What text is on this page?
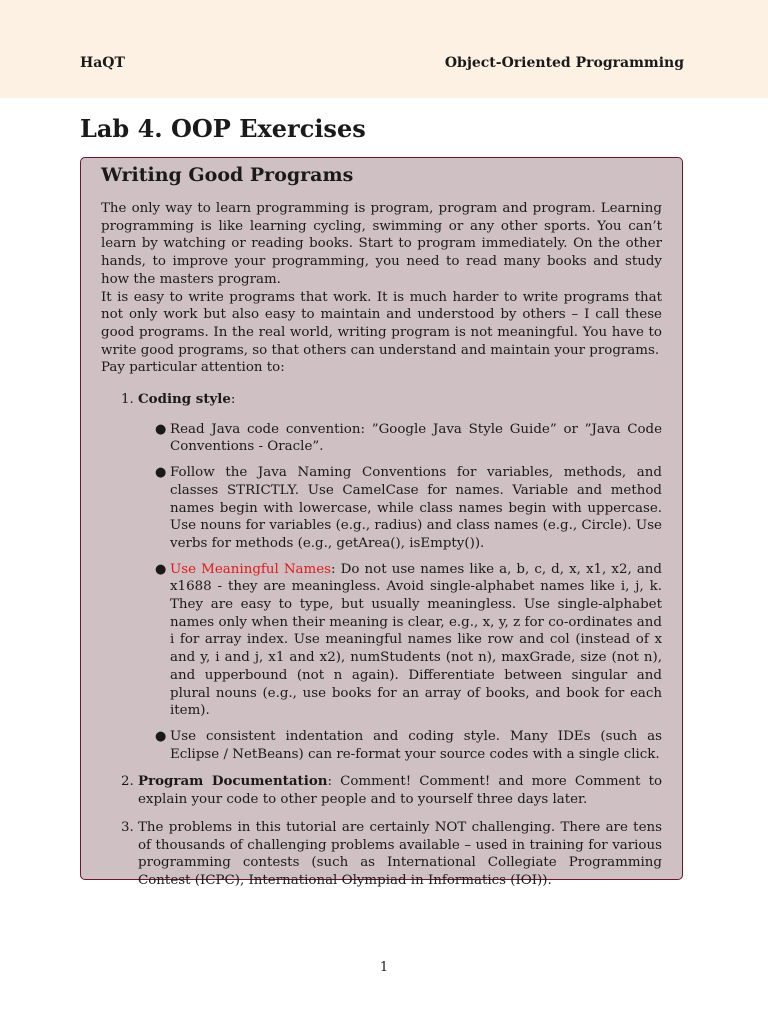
HaQT	Object-Oriented Programming
Lab 4. OOP Exercises
Writing Good Programs

The only way to learn programming is program, program and program. Learning programming is like learning cycling, swimming or any other sports. You can’t learn by watching or reading books. Start to program immediately. On the other hands, to improve your programming, you need to read many books and study how the masters program.

It is easy to write programs that work. It is much harder to write programs that not only work but also easy to maintain and understood by others – I call these good programs. In the real world, writing program is not meaningful. You have to write good programs, so that others can understand and maintain your programs.

Pay particular attention to:

1. Coding style:
● Read Java code convention: ”Google Java Style Guide” or ”Java Code Conventions - Oracle”.
● Follow the Java Naming Conventions for variables, methods, and classes STRICTLY. Use CamelCase for names. Variable and method names begin with lowercase, while class names begin with uppercase. Use nouns for variables (e.g., radius) and class names (e.g., Circle). Use verbs for methods (e.g., getArea(), isEmpty()).
● Use Meaningful Names: Do not use names like a, b, c, d, x, x1, x2, and x1688 - they are meaningless. Avoid single-alphabet names like i, j, k. They are easy to type, but usually meaningless. Use single-alphabet names only when their meaning is clear, e.g., x, y, z for co-ordinates and i for array index. Use meaningful names like row and col (instead of x and y, i and j, x1 and x2), numStudents (not n), maxGrade, size (not n), and upperbound (not n again). Differentiate between singular and plural nouns (e.g., use books for an array of books, and book for each item).
● Use consistent indentation and coding style. Many IDEs (such as Eclipse / NetBeans) can re-format your source codes with a single click.
2. Program Documentation: Comment! Comment! and more Comment to explain your code to other people and to yourself three days later.
3. The problems in this tutorial are certainly NOT challenging. There are tens of thousands of challenging problems available – used in training for various programming contests (such as International Collegiate Programming Contest (ICPC), International Olympiad in Informatics (IOI)).
1
